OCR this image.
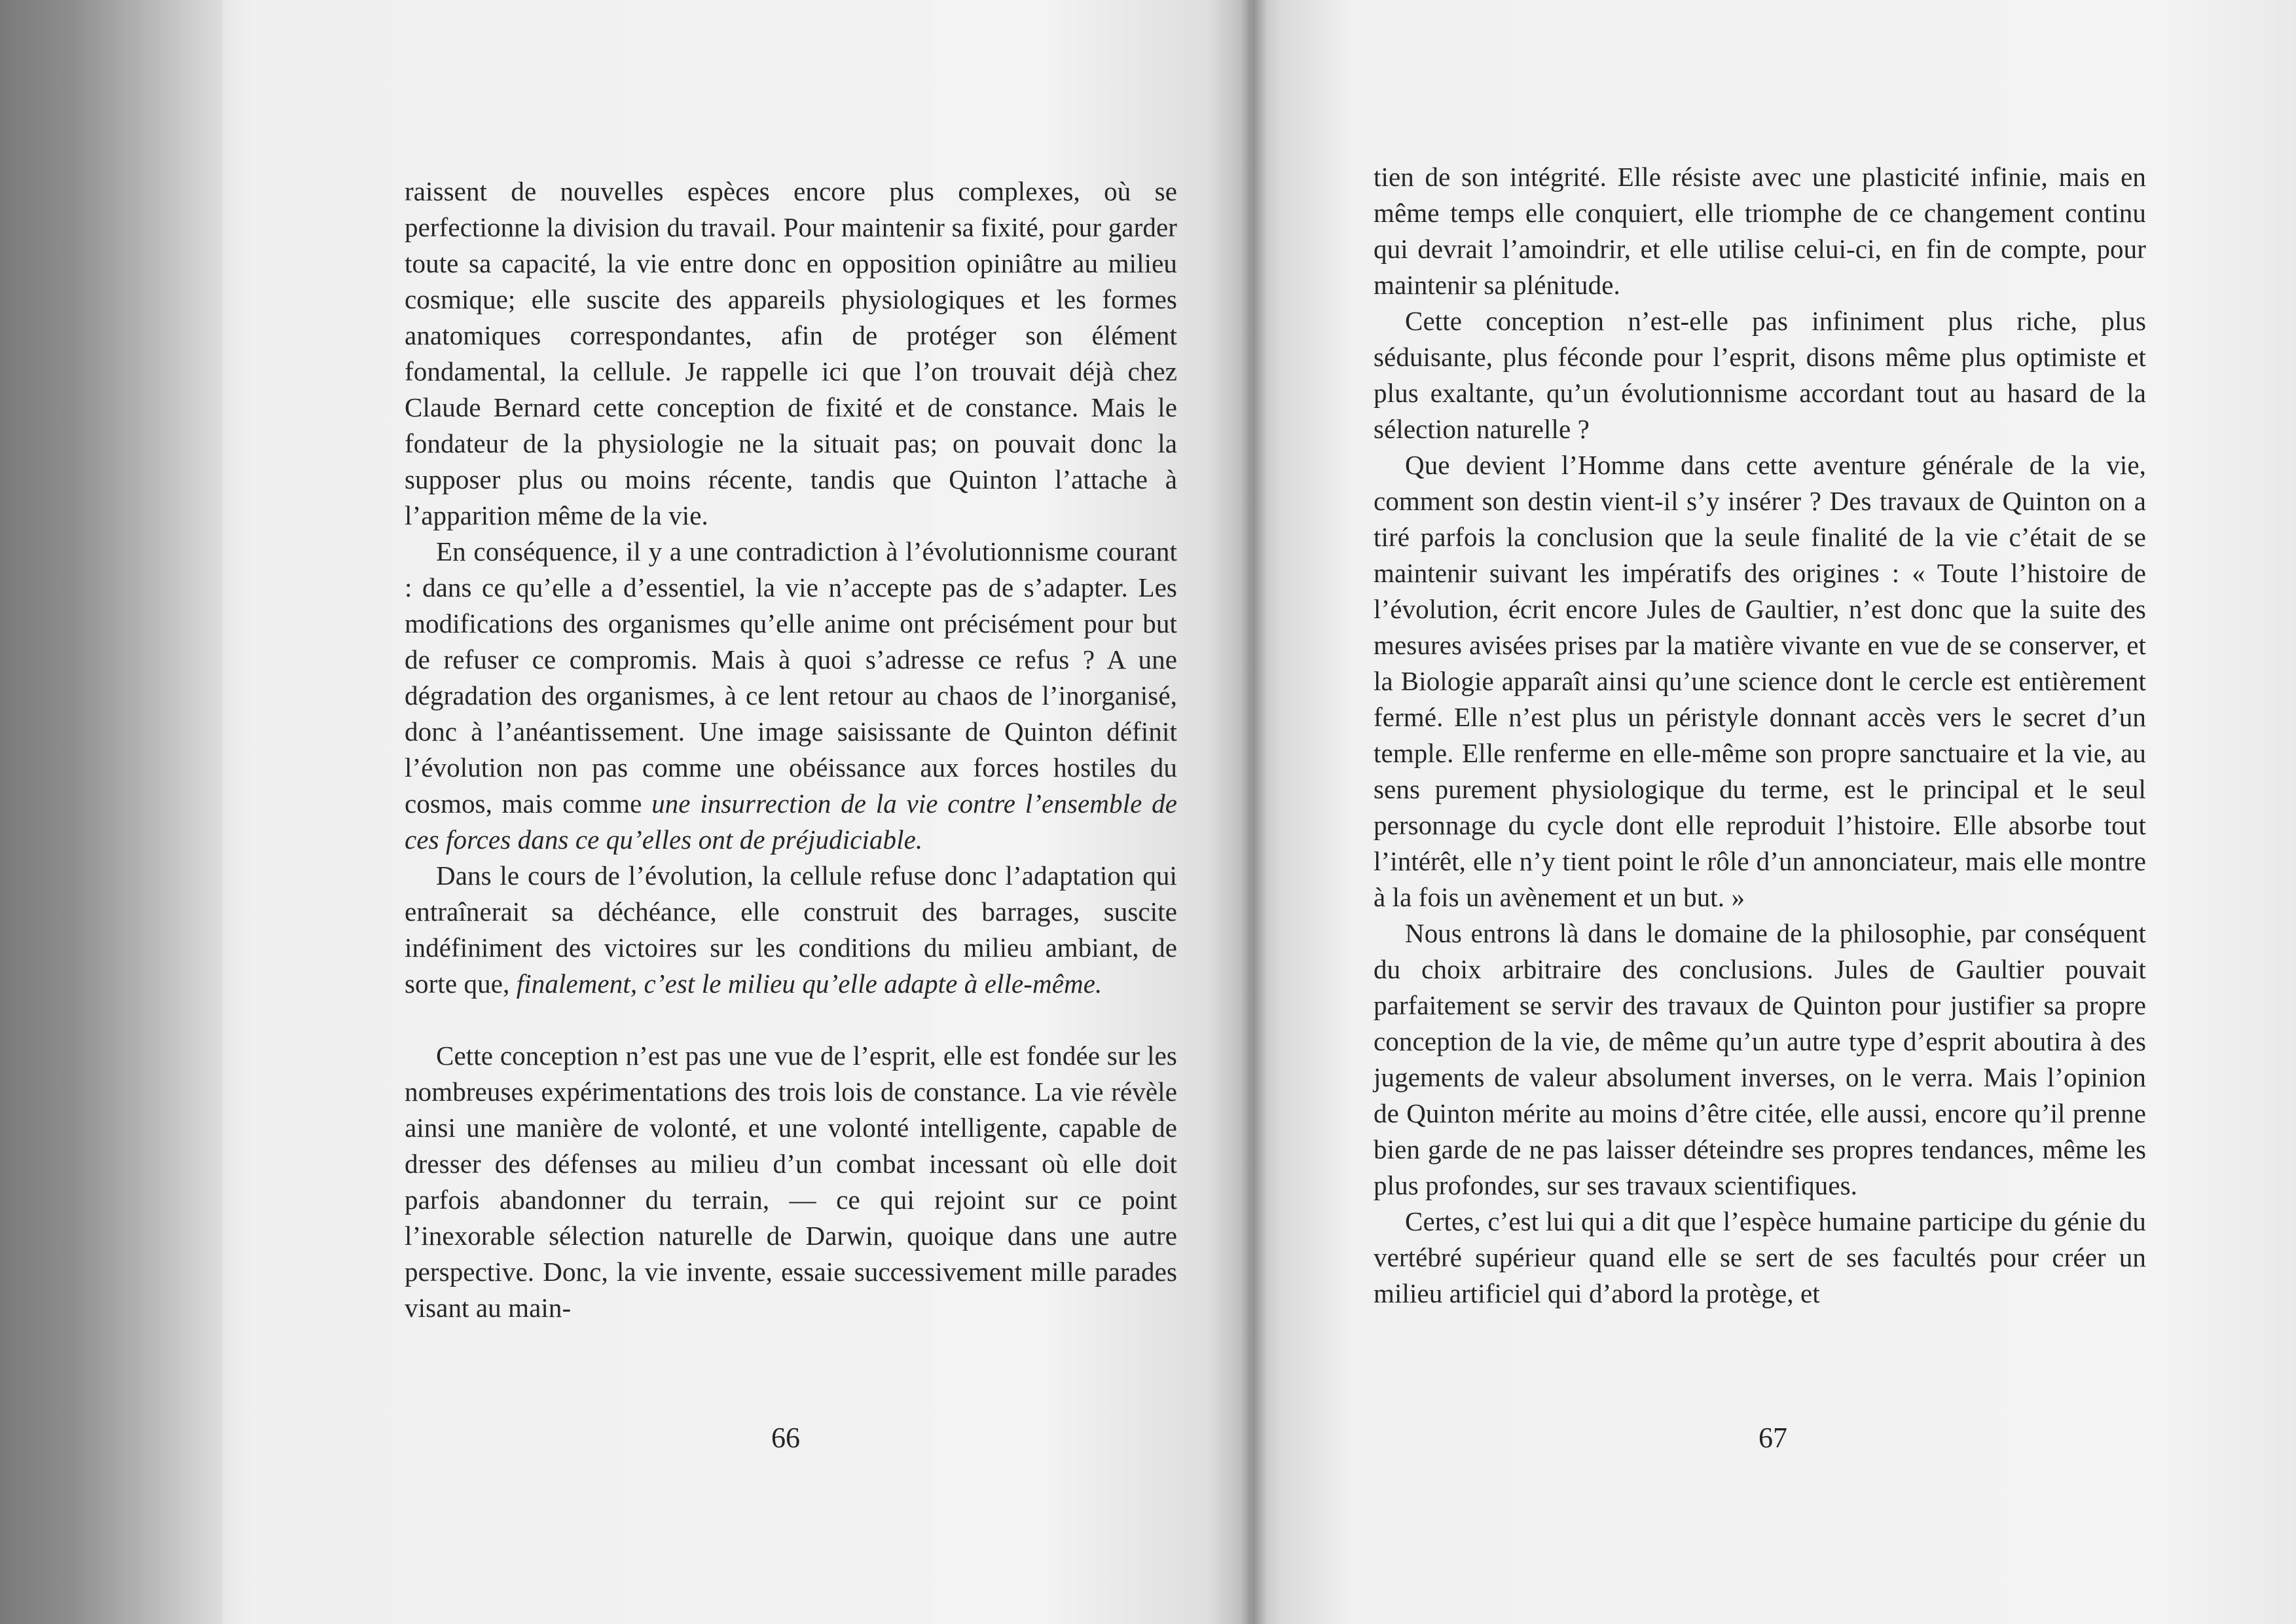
raissent de nouvelles espèces encore plus complexes, où se perfectionne la division du travail. Pour maintenir sa fixité, pour garder toute sa capacité, la vie entre donc en opposition opiniâtre au milieu cosmique; elle suscite des appareils physiologiques et les formes anatomiques correspondantes, afin de protéger son élément fondamental, la cellule. Je rappelle ici que l’on trouvait déjà chez Claude Bernard cette conception de fixité et de constance. Mais le fondateur de la physiologie ne la situait pas; on pouvait donc la supposer plus ou moins récente, tandis que Quinton l’attache à l’apparition même de la vie.

En conséquence, il y a une contradiction à l’évolutionnisme courant : dans ce qu’elle a d’essentiel, la vie n’accepte pas de s’adapter. Les modifications des organismes qu’elle anime ont précisément pour but de refuser ce compromis. Mais à quoi s’adresse ce refus ? A une dégradation des organismes, à ce lent retour au chaos de l’inorganisé, donc à l’anéantissement. Une image saisissante de Quinton définit l’évolution non pas comme une obéissance aux forces hostiles du cosmos, mais comme une insurrection de la vie contre l’ensemble de ces forces dans ce qu’elles ont de préjudiciable.

Dans le cours de l’évolution, la cellule refuse donc l’adaptation qui entraînerait sa déchéance, elle construit des barrages, suscite indéfiniment des victoires sur les conditions du milieu ambiant, de sorte que, finalement, c’est le milieu qu’elle adapte à elle-même.

Cette conception n’est pas une vue de l’esprit, elle est fondée sur les nombreuses expérimentations des trois lois de constance. La vie révèle ainsi une manière de volonté, et une volonté intelligente, capable de dresser des défenses au milieu d’un combat incessant où elle doit parfois abandonner du terrain, — ce qui rejoint sur ce point l’inexorable sélection naturelle de Darwin, quoique dans une autre perspective. Donc, la vie invente, essaie successivement mille parades visant au main-

66

tien de son intégrité. Elle résiste avec une plasticité infinie, mais en même temps elle conquiert, elle triomphe de ce changement continu qui devrait l’amoindrir, et elle utilise celui-ci, en fin de compte, pour maintenir sa plénitude.

Cette conception n’est-elle pas infiniment plus riche, plus séduisante, plus féconde pour l’esprit, disons même plus optimiste et plus exaltante, qu’un évolutionnisme accordant tout au hasard de la sélection naturelle ?

Que devient l’Homme dans cette aventure générale de la vie, comment son destin vient-il s’y insérer ? Des travaux de Quinton on a tiré parfois la conclusion que la seule finalité de la vie c’était de se maintenir suivant les impératifs des origines : « Toute l’histoire de l’évolution, écrit encore Jules de Gaultier, n’est donc que la suite des mesures avisées prises par la matière vivante en vue de se conserver, et la Biologie apparaît ainsi qu’une science dont le cercle est entièrement fermé. Elle n’est plus un péristyle donnant accès vers le secret d’un temple. Elle renferme en elle-même son propre sanctuaire et la vie, au sens purement physiologique du terme, est le principal et le seul personnage du cycle dont elle reproduit l’histoire. Elle absorbe tout l’intérêt, elle n’y tient point le rôle d’un annonciateur, mais elle montre à la fois un avènement et un but. »

Nous entrons là dans le domaine de la philosophie, par conséquent du choix arbitraire des conclusions. Jules de Gaultier pouvait parfaitement se servir des travaux de Quinton pour justifier sa propre conception de la vie, de même qu’un autre type d’esprit aboutira à des jugements de valeur absolument inverses, on le verra. Mais l’opinion de Quinton mérite au moins d’être citée, elle aussi, encore qu’il prenne bien garde de ne pas laisser déteindre ses propres tendances, même les plus profondes, sur ses travaux scientifiques.

Certes, c’est lui qui a dit que l’espèce humaine participe du génie du vertébré supérieur quand elle se sert de ses facultés pour créer un milieu artificiel qui d’abord la protège, et

67
